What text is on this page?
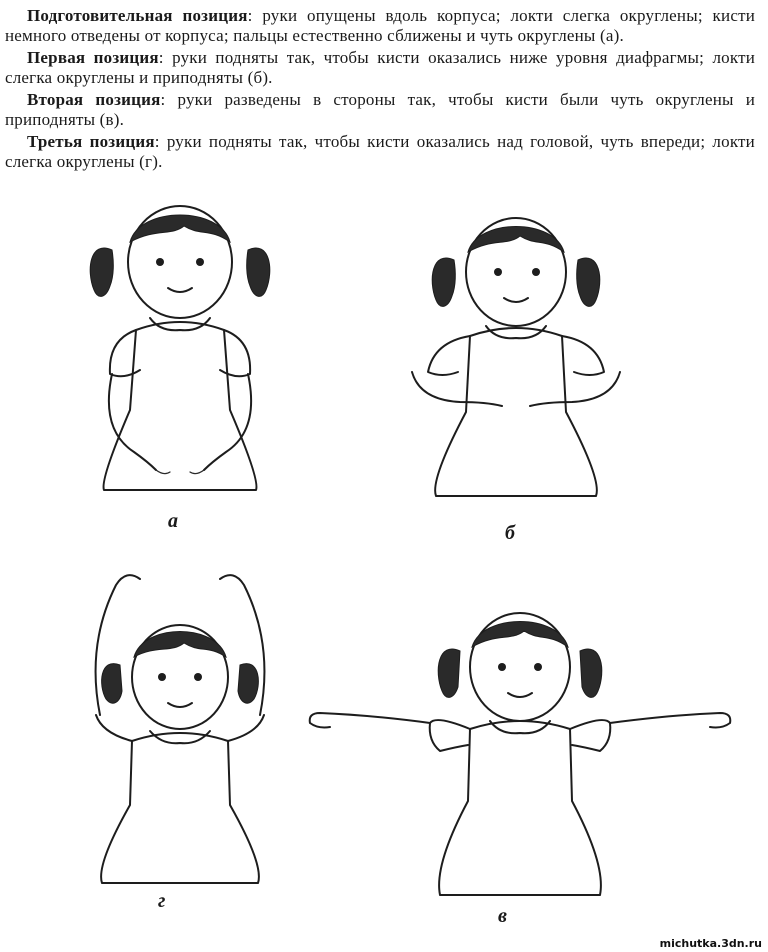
Подготовительная позиция: руки опущены вдоль корпуса; локти слегка округлены; кисти немного отведены от корпуса; пальцы естественно сближены и чуть округлены (а).

Первая позиция: руки подняты так, чтобы кисти оказались ниже уровня диафрагмы; локти слегка округлены и приподняты (б).

Вторая позиция: руки разведены в стороны так, чтобы кисти были чуть округлены и приподняты (в).

Третья позиция: руки подняты так, чтобы кисти оказались над головой, чуть впереди; локти слегка округлены (г).

а
б
г
в
michutka.3dn.ru
